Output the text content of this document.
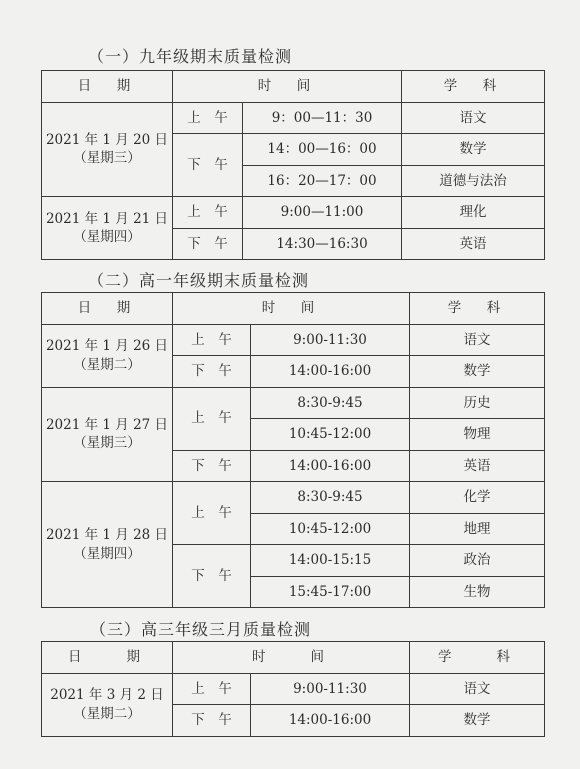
（一）九年级期末质量检测
日　期	时　间		学　科

2021 年 1 月 20 日
（星期三）	上　午	9：00—11：30	语文
	下　午	14：00—16：00	数学
		16：20—17：00	道德与法治

2021 年 1 月 21 日
（星期四）	上　午	9:00—11:00	理化
	下　午	14:30—16:30	英语
（二）高一年级期末质量检测
日　期	时　间		学　科

2021 年 1 月 26 日
（星期二）	上　午	9:00-11:30	语文
	下　午	14:00-16:00	数学

2021 年 1 月 27 日
（星期三）	上　午	8:30-9:45	历史
		10:45-12:00	物理
	下　午	14:00-16:00	英语

2021 年 1 月 28 日
（星期四）	上　午	8:30-9:45	化学
		10:45-12:00	地理
	下　午	14:00-15:15	政治
		15:45-17:00	生物
（三）高三年级三月质量检测
日　　期	时　　间		学　　科

2021 年 3 月 2 日
（星期二）	上　午	9:00-11:30	语文
	下　午	14:00-16:00	数学
